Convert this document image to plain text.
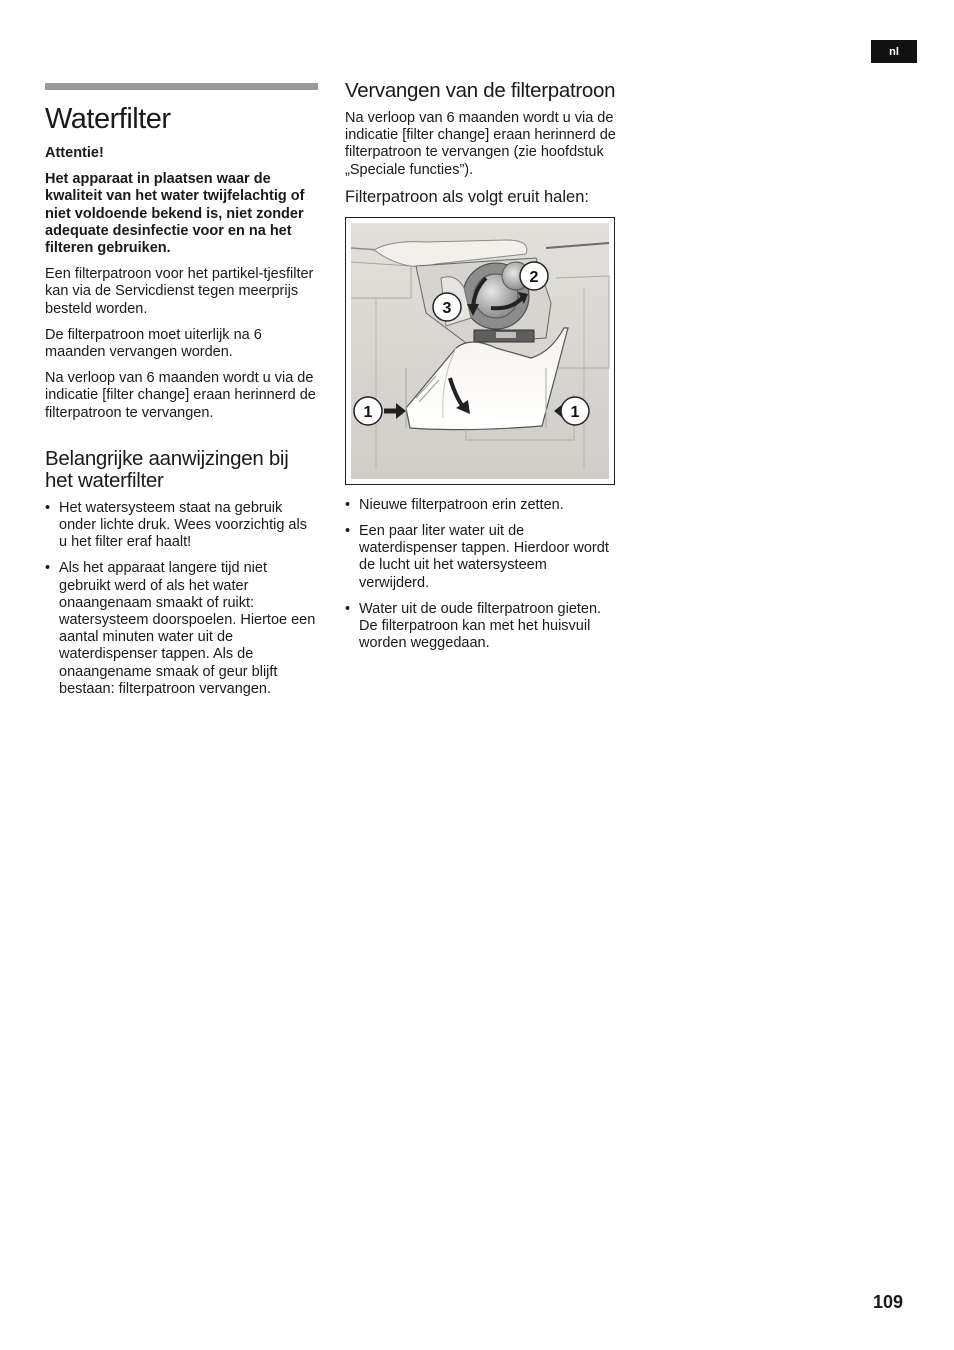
nl
Waterfilter

Attentie!

Het apparaat in plaatsen waar de kwaliteit van het water twijfelachtig of niet voldoende bekend is, niet zonder adequate desinfectie voor en na het filteren gebruiken.

Een filterpatroon voor het partikel-tjesfilter kan via de Servicdienst tegen meerprijs besteld worden.

De filterpatroon moet uiterlijk na 6 maanden vervangen worden.

Na verloop van 6 maanden wordt u via de indicatie [filter change] eraan herinnerd de filterpatroon te vervangen.

Belangrijke aanwijzingen bij het waterfilter
• Het watersysteem staat na gebruik onder lichte druk. Wees voorzichtig als u het filter eraf haalt!
• Als het apparaat langere tijd niet gebruikt werd of als het water onaangenaam smaakt of ruikt: watersysteem doorspoelen. Hiertoe een aantal minuten water uit de waterdispenser tappen. Als de onaangename smaak of geur blijft bestaan: filterpatroon vervangen.
Vervangen van de filterpatroon

Na verloop van 6 maanden wordt u via de indicatie [filter change] eraan herinnerd de filterpatroon te vervangen (zie hoofdstuk „Speciale functies”).

Filterpatroon als volgt eruit halen:
1	1
2
3
• Nieuwe filterpatroon erin zetten.
• Een paar liter water uit de waterdispenser tappen. Hierdoor wordt de lucht uit het watersysteem verwijderd.
• Water uit de oude filterpatroon gieten. De filterpatroon kan met het huisvuil worden weggedaan.
109
